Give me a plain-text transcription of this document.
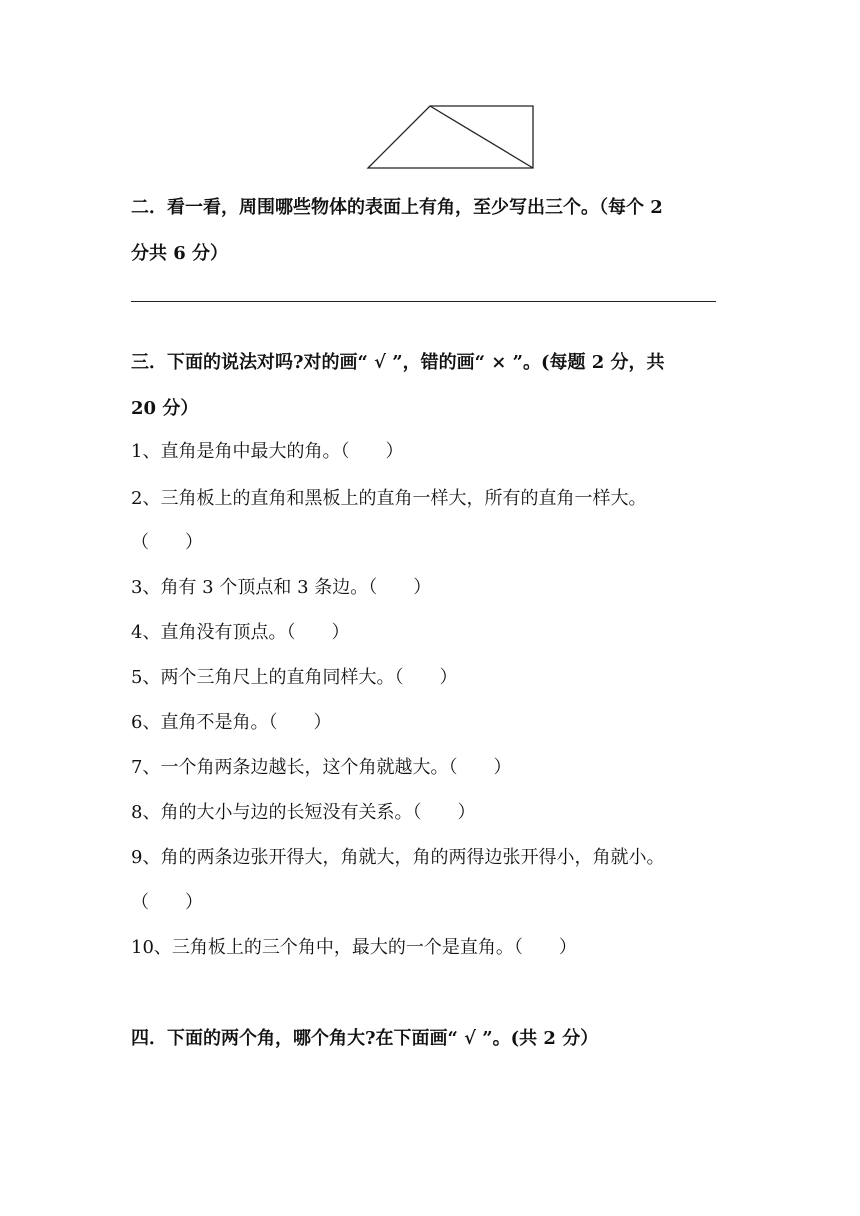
二．看一看，周围哪些物体的表面上有角，至少写出三个。（每个 2
分共 6 分）
三．下面的说法对吗?对的画“ √ ”，错的画“ × ”。(每题 2 分，共
20 分）
1、直角是角中最大的角。（　　）
2、三角板上的直角和黑板上的直角一样大，所有的直角一样大。
（　　）
3、角有 3 个顶点和 3 条边。（　　）
4、直角没有顶点。（　　）
5、两个三角尺上的直角同样大。（　　）
6、直角不是角。（　　）
7、一个角两条边越长，这个角就越大。（　　）
8、角的大小与边的长短没有关系。（　　）
9、角的两条边张开得大，角就大，角的两得边张开得小，角就小。
（　　）
10、三角板上的三个角中，最大的一个是直角。（　　）
四．下面的两个角，哪个角大?在下面画“ √ ”。(共 2 分）
